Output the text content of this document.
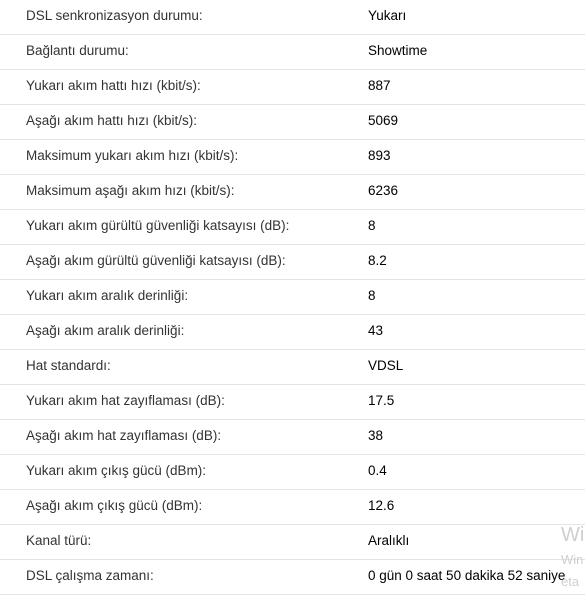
DSL senkronizasyon durumu:	Yukarı
Bağlantı durumu:	Showtime
Yukarı akım hattı hızı (kbit/s):	887
Aşağı akım hattı hızı (kbit/s):	5069
Maksimum yukarı akım hızı (kbit/s):	893
Maksimum aşağı akım hızı (kbit/s):	6236
Yukarı akım gürültü güvenliği katsayısı (dB):	8
Aşağı akım gürültü güvenliği katsayısı (dB):	8.2
Yukarı akım aralık derinliği:	8
Aşağı akım aralık derinliği:	43
Hat standardı:	VDSL
Yukarı akım hat zayıflaması (dB):	17.5
Aşağı akım hat zayıflaması (dB):	38
Yukarı akım çıkış gücü (dBm):	0.4
Aşağı akım çıkış gücü (dBm):	12.6
Kanal türü:	Aralıklı
DSL çalışma zamanı:	0 gün 0 saat 50 dakika 52 saniye
Wi
Win
eta
